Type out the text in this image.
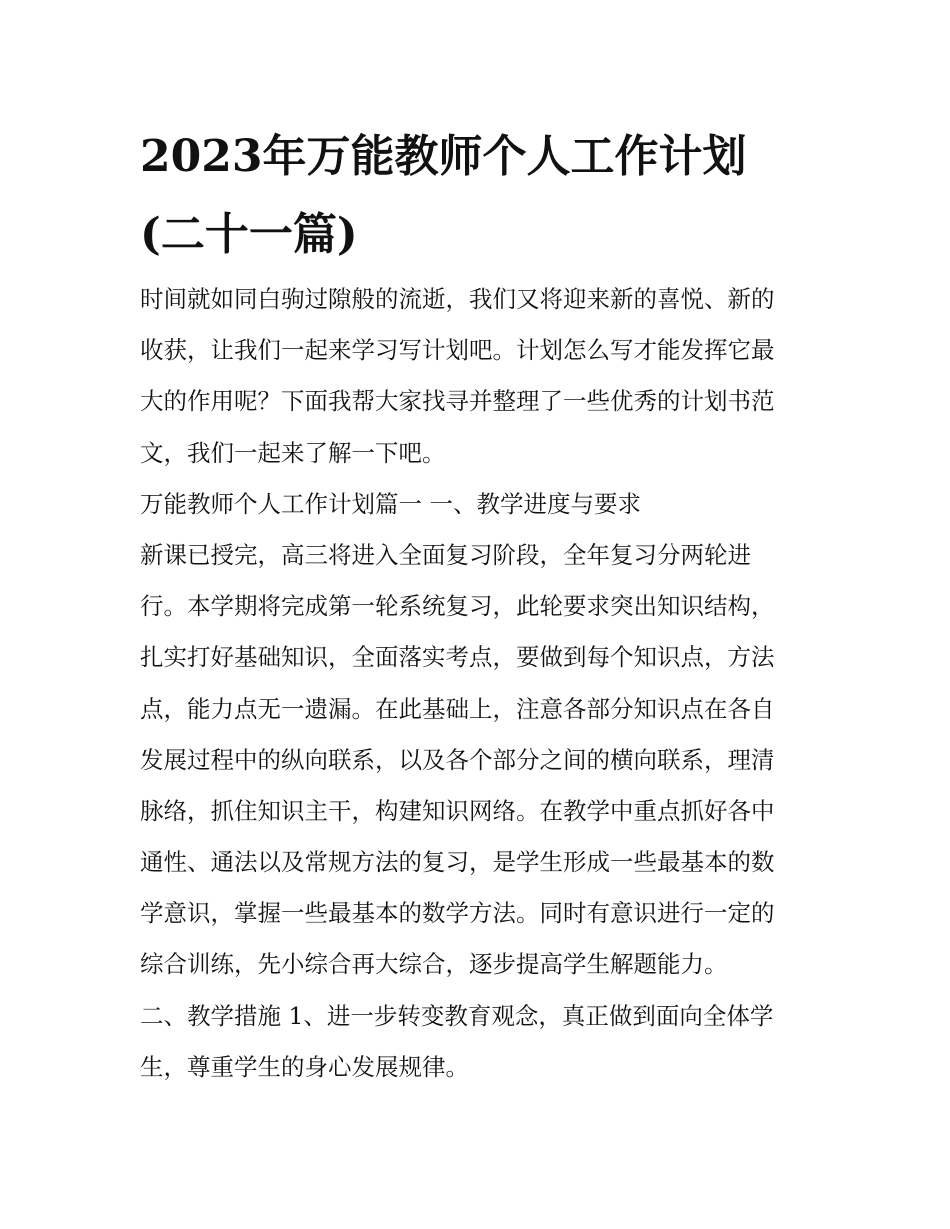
2023年万能教师个人工作计划
(二十一篇)
时间就如同白驹过隙般的流逝，我们又将迎来新的喜悦、新的
收获，让我们一起来学习写计划吧。计划怎么写才能发挥它最
大的作用呢？下面我帮大家找寻并整理了一些优秀的计划书范
文，我们一起来了解一下吧。
万能教师个人工作计划篇一 一、教学进度与要求
新课已授完，高三将进入全面复习阶段，全年复习分两轮进
行。本学期将完成第一轮系统复习，此轮要求突出知识结构，
扎实打好基础知识，全面落实考点，要做到每个知识点，方法
点，能力点无一遗漏。在此基础上，注意各部分知识点在各自
发展过程中的纵向联系，以及各个部分之间的横向联系，理清
脉络，抓住知识主干，构建知识网络。在教学中重点抓好各中
通性、通法以及常规方法的复习，是学生形成一些最基本的数
学意识，掌握一些最基本的数学方法。同时有意识进行一定的
综合训练，先小综合再大综合，逐步提高学生解题能力。
二、教学措施 1、进一步转变教育观念，真正做到面向全体学
生，尊重学生的身心发展规律。
